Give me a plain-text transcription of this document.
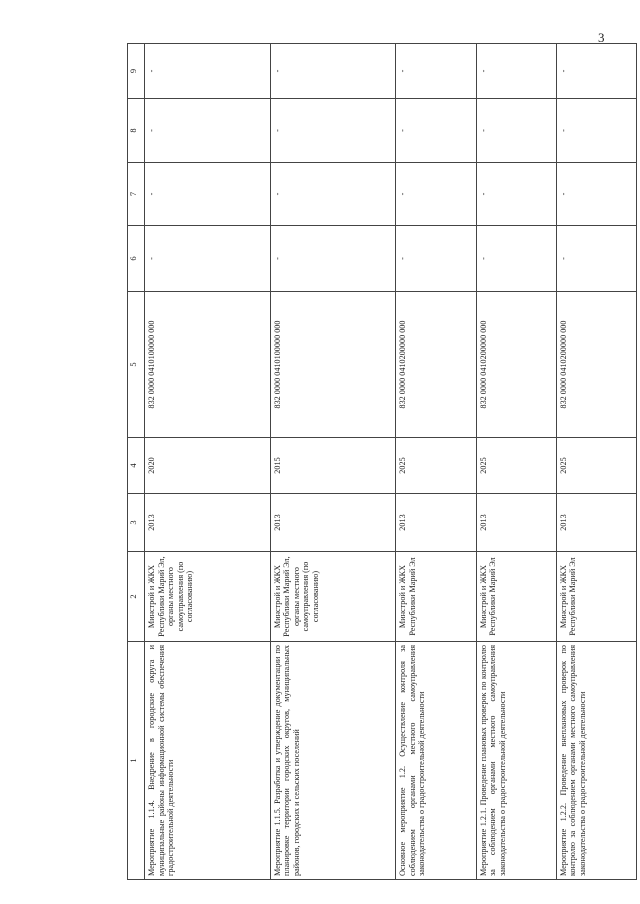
3
1	2	3	4	5	6	7	8	9
Мероприятие 1.1.4. Внедрение в городские округа и муниципальные районы информационной системы обеспечения градостроительной деятельности	Минстрой и ЖКХ Республики Марий Эл, органы местного самоуправления (по согласованию)	2013	2020	832 0000 0410100000 000	-	-	-	-
Мероприятие 1.1.5. Разработка и утверждение документации по планировке территории городских округов, муниципальных районов, городских и сельских поселений	Минстрой и ЖКХ Республики Марий Эл, органы местного самоуправления (по согласованию)	2013	2015	832 0000 0410100000 000	-	-	-	-
Основное мероприятие 1.2. Осуществление контроля за соблюдением органами местного самоуправления законодательства о градостроительной деятельности	Минстрой и ЖКХ Республики Марий Эл	2013	2025	832 0000 0410200000 000	-	-	-	-
Мероприятие 1.2.1. Проведение плановых проверок по контролю за соблюдением органами местного самоуправления законодательства о градостроительной деятельности	Минстрой и ЖКХ Республики Марий Эл	2013	2025	832 0000 0410200000 000	-	-	-	-
Мероприятие 1.2.2. Проведение внеплановых проверок по контролю за соблюдением органами местного самоуправления законодательства о градостроительной деятельности	Минстрой и ЖКХ Республики Марий Эл	2013	2025	832 0000 0410200000 000	-	-	-	-
